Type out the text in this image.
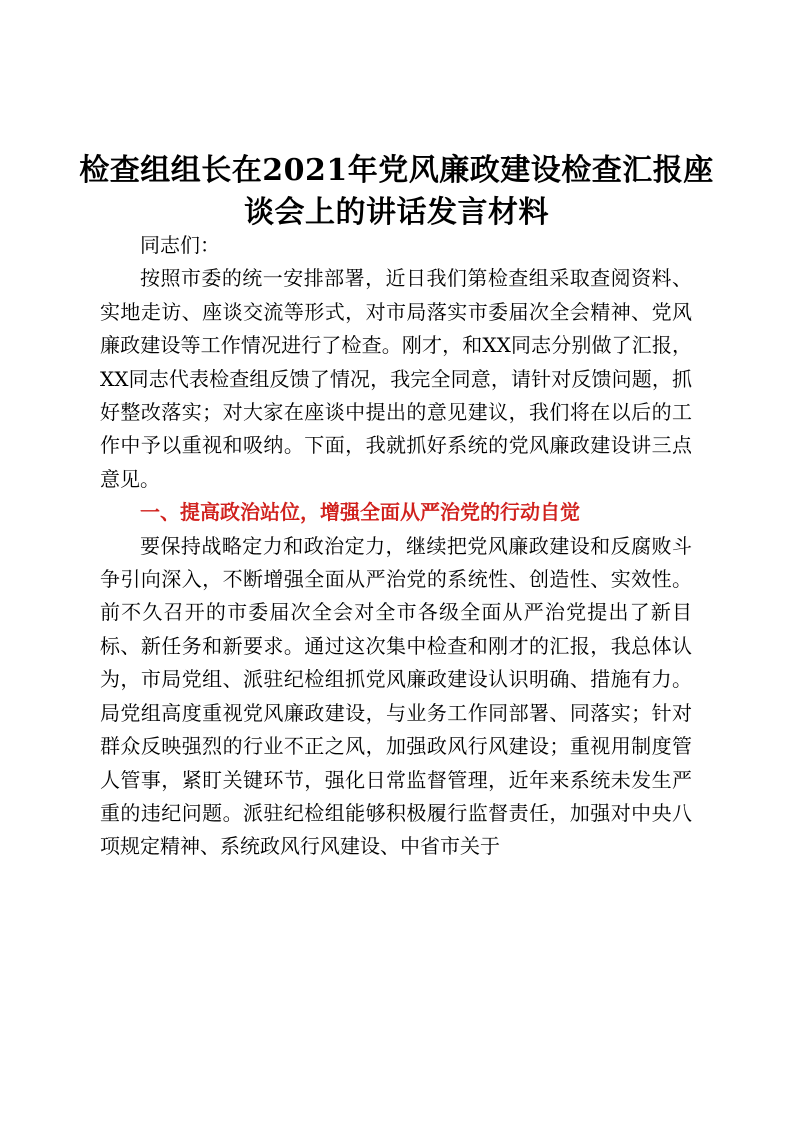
检查组组长在2021年党风廉政建设检查汇报座
谈会上的讲话发言材料

同志们：

按照市委的统一安排部署，近日我们第检查组采取查阅资料、实地走访、座谈交流等形式，对市局落实市委届次全会精神、党风廉政建设等工作情况进行了检查。刚才，和XX同志分别做了汇报，XX同志代表检查组反馈了情况，我完全同意，请针对反馈问题，抓好整改落实；对大家在座谈中提出的意见建议，我们将在以后的工作中予以重视和吸纳。下面，我就抓好系统的党风廉政建设讲三点意见。

一、提高政治站位，增强全面从严治党的行动自觉

要保持战略定力和政治定力，继续把党风廉政建设和反腐败斗争引向深入，不断增强全面从严治党的系统性、创造性、实效性。前不久召开的市委届次全会对全市各级全面从严治党提出了新目标、新任务和新要求。通过这次集中检查和刚才的汇报，我总体认为，市局党组、派驻纪检组抓党风廉政建设认识明确、措施有力。局党组高度重视党风廉政建设，与业务工作同部署、同落实；针对群众反映强烈的行业不正之风，加强政风行风建设；重视用制度管人管事，紧盯关键环节，强化日常监督管理，近年来系统未发生严重的违纪问题。派驻纪检组能够积极履行监督责任，加强对中央八项规定精神、系统政风行风建设、中省市关于
